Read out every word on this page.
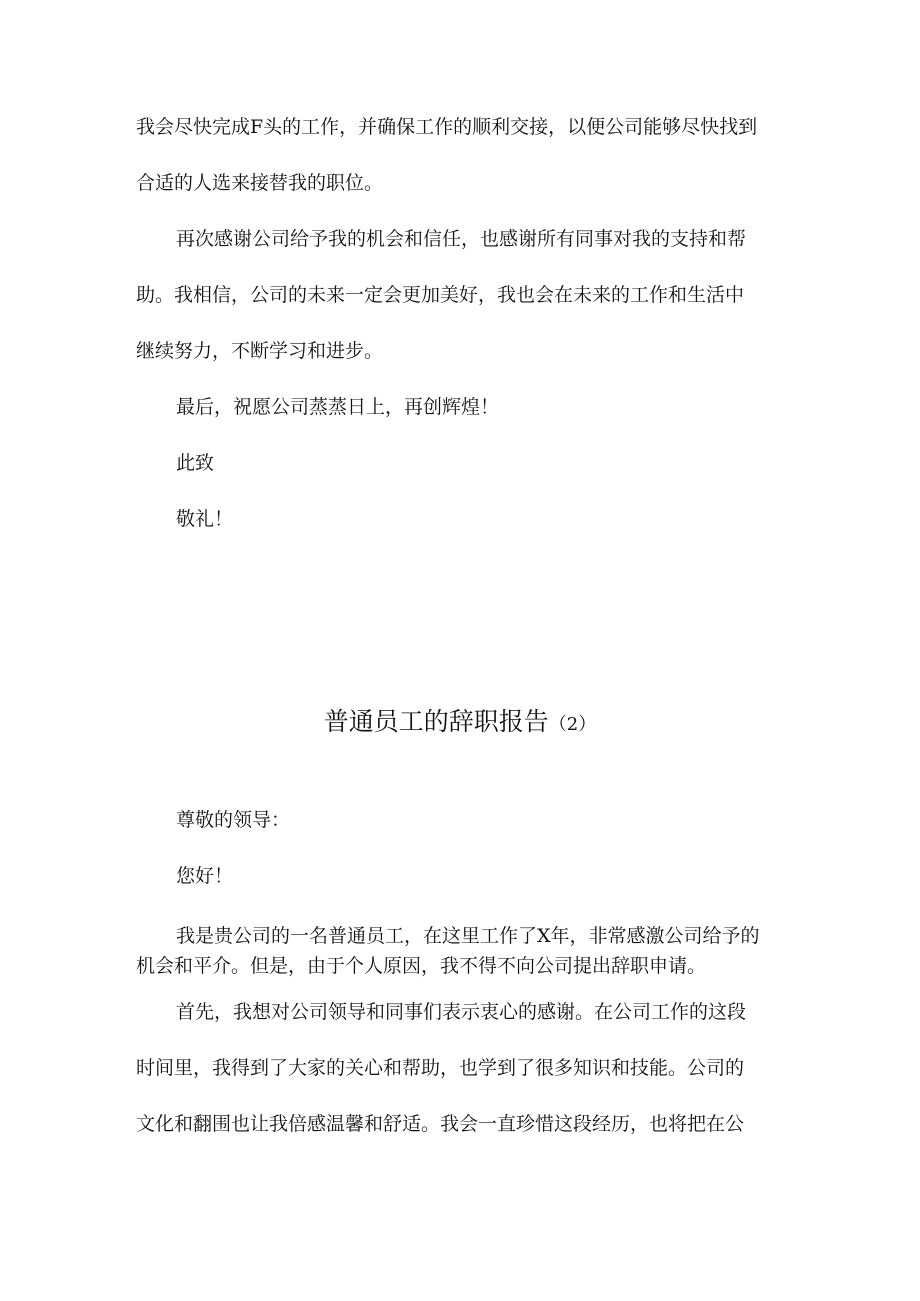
我会尽快完成F头的工作，并确保工作的顺利交接，以便公司能够尽快找到
合适的人选来接替我的职位。
再次感谢公司给予我的机会和信任，也感谢所有同事对我的支持和帮
助。我相信，公司的未来一定会更加美好，我也会在未来的工作和生活中
继续努力，不断学习和进步。
最后，祝愿公司蒸蒸日上，再创辉煌！
此致
敬礼！
普通员工的辞职报告（2）
尊敬的领导：
您好！
我是贵公司的一名普通员工，在这里工作了X年，非常感激公司给予的
机会和平介。但是，由于个人原因，我不得不向公司提出辞职申请。
首先，我想对公司领导和同事们表示衷心的感谢。在公司工作的这段
时间里，我得到了大家的关心和帮助，也学到了很多知识和技能。公司的
文化和翻围也让我倍感温馨和舒适。我会一直珍惜这段经历，也将把在公
